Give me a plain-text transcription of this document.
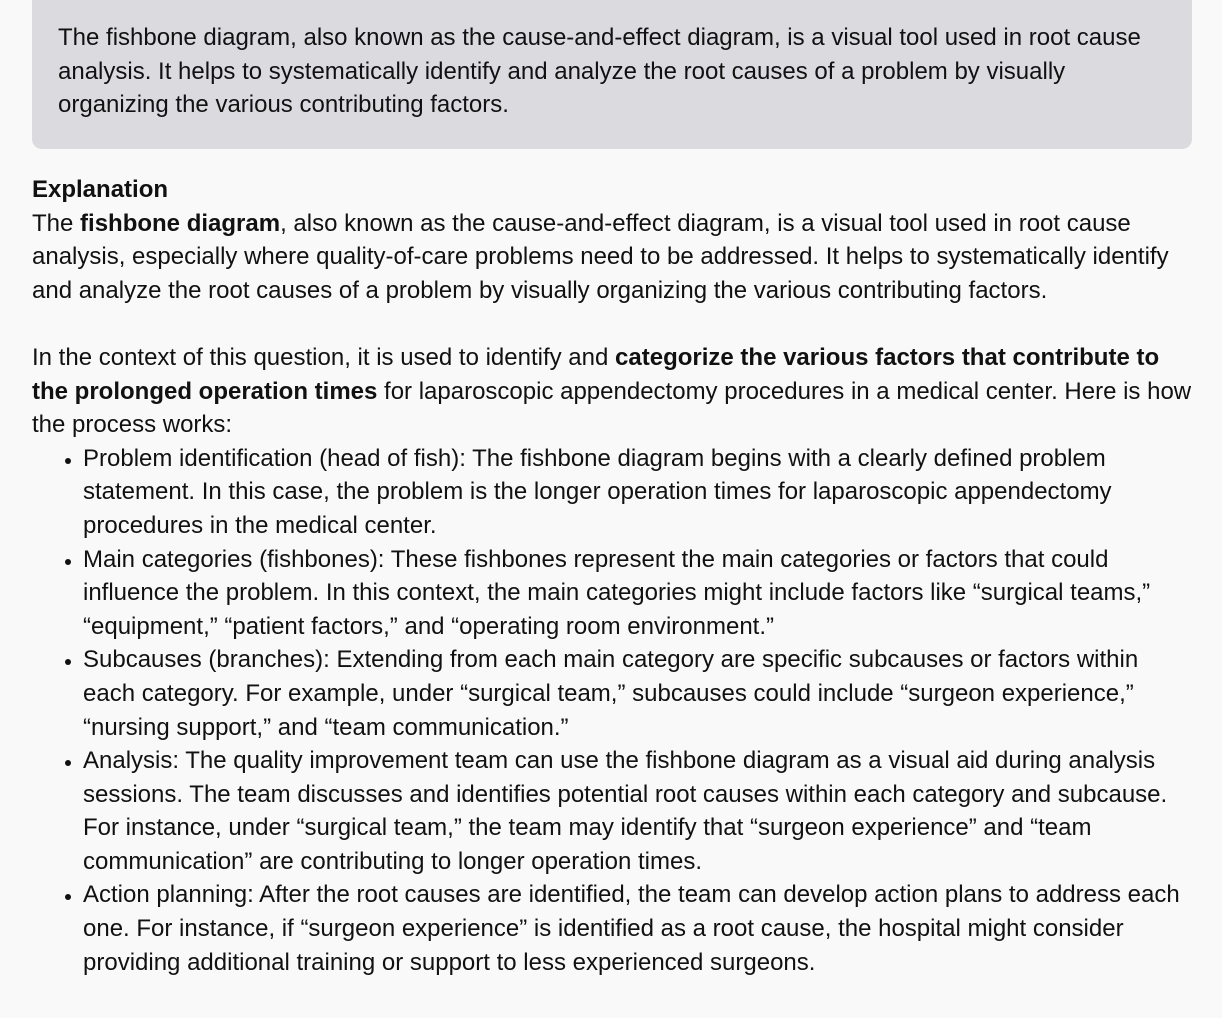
The fishbone diagram, also known as the cause-and-effect diagram, is a visual tool used in root cause analysis. It helps to systematically identify and analyze the root causes of a problem by visually organizing the various contributing factors.

Explanation

The fishbone diagram, also known as the cause-and-effect diagram, is a visual tool used in root cause analysis, especially where quality-of-care problems need to be addressed. It helps to systematically identify and analyze the root causes of a problem by visually organizing the various contributing factors.

In the context of this question, it is used to identify and categorize the various factors that contribute to the prolonged operation times for laparoscopic appendectomy procedures in a medical center. Here is how the process works:

• Problem identification (head of fish): The fishbone diagram begins with a clearly defined problem statement. In this case, the problem is the longer operation times for laparoscopic appendectomy procedures in the medical center.
• Main categories (fishbones): These fishbones represent the main categories or factors that could influence the problem. In this context, the main categories might include factors like “surgical teams,” “equipment,” “patient factors,” and “operating room environment.”
• Subcauses (branches): Extending from each main category are specific subcauses or factors within each category. For example, under “surgical team,” subcauses could include “surgeon experience,” “nursing support,” and “team communication.”
• Analysis: The quality improvement team can use the fishbone diagram as a visual aid during analysis sessions. The team discusses and identifies potential root causes within each category and subcause. For instance, under “surgical team,” the team may identify that “surgeon experience” and “team communication” are contributing to longer operation times.
• Action planning: After the root causes are identified, the team can develop action plans to address each one. For instance, if “surgeon experience” is identified as a root cause, the hospital might consider providing additional training or support to less experienced surgeons.
